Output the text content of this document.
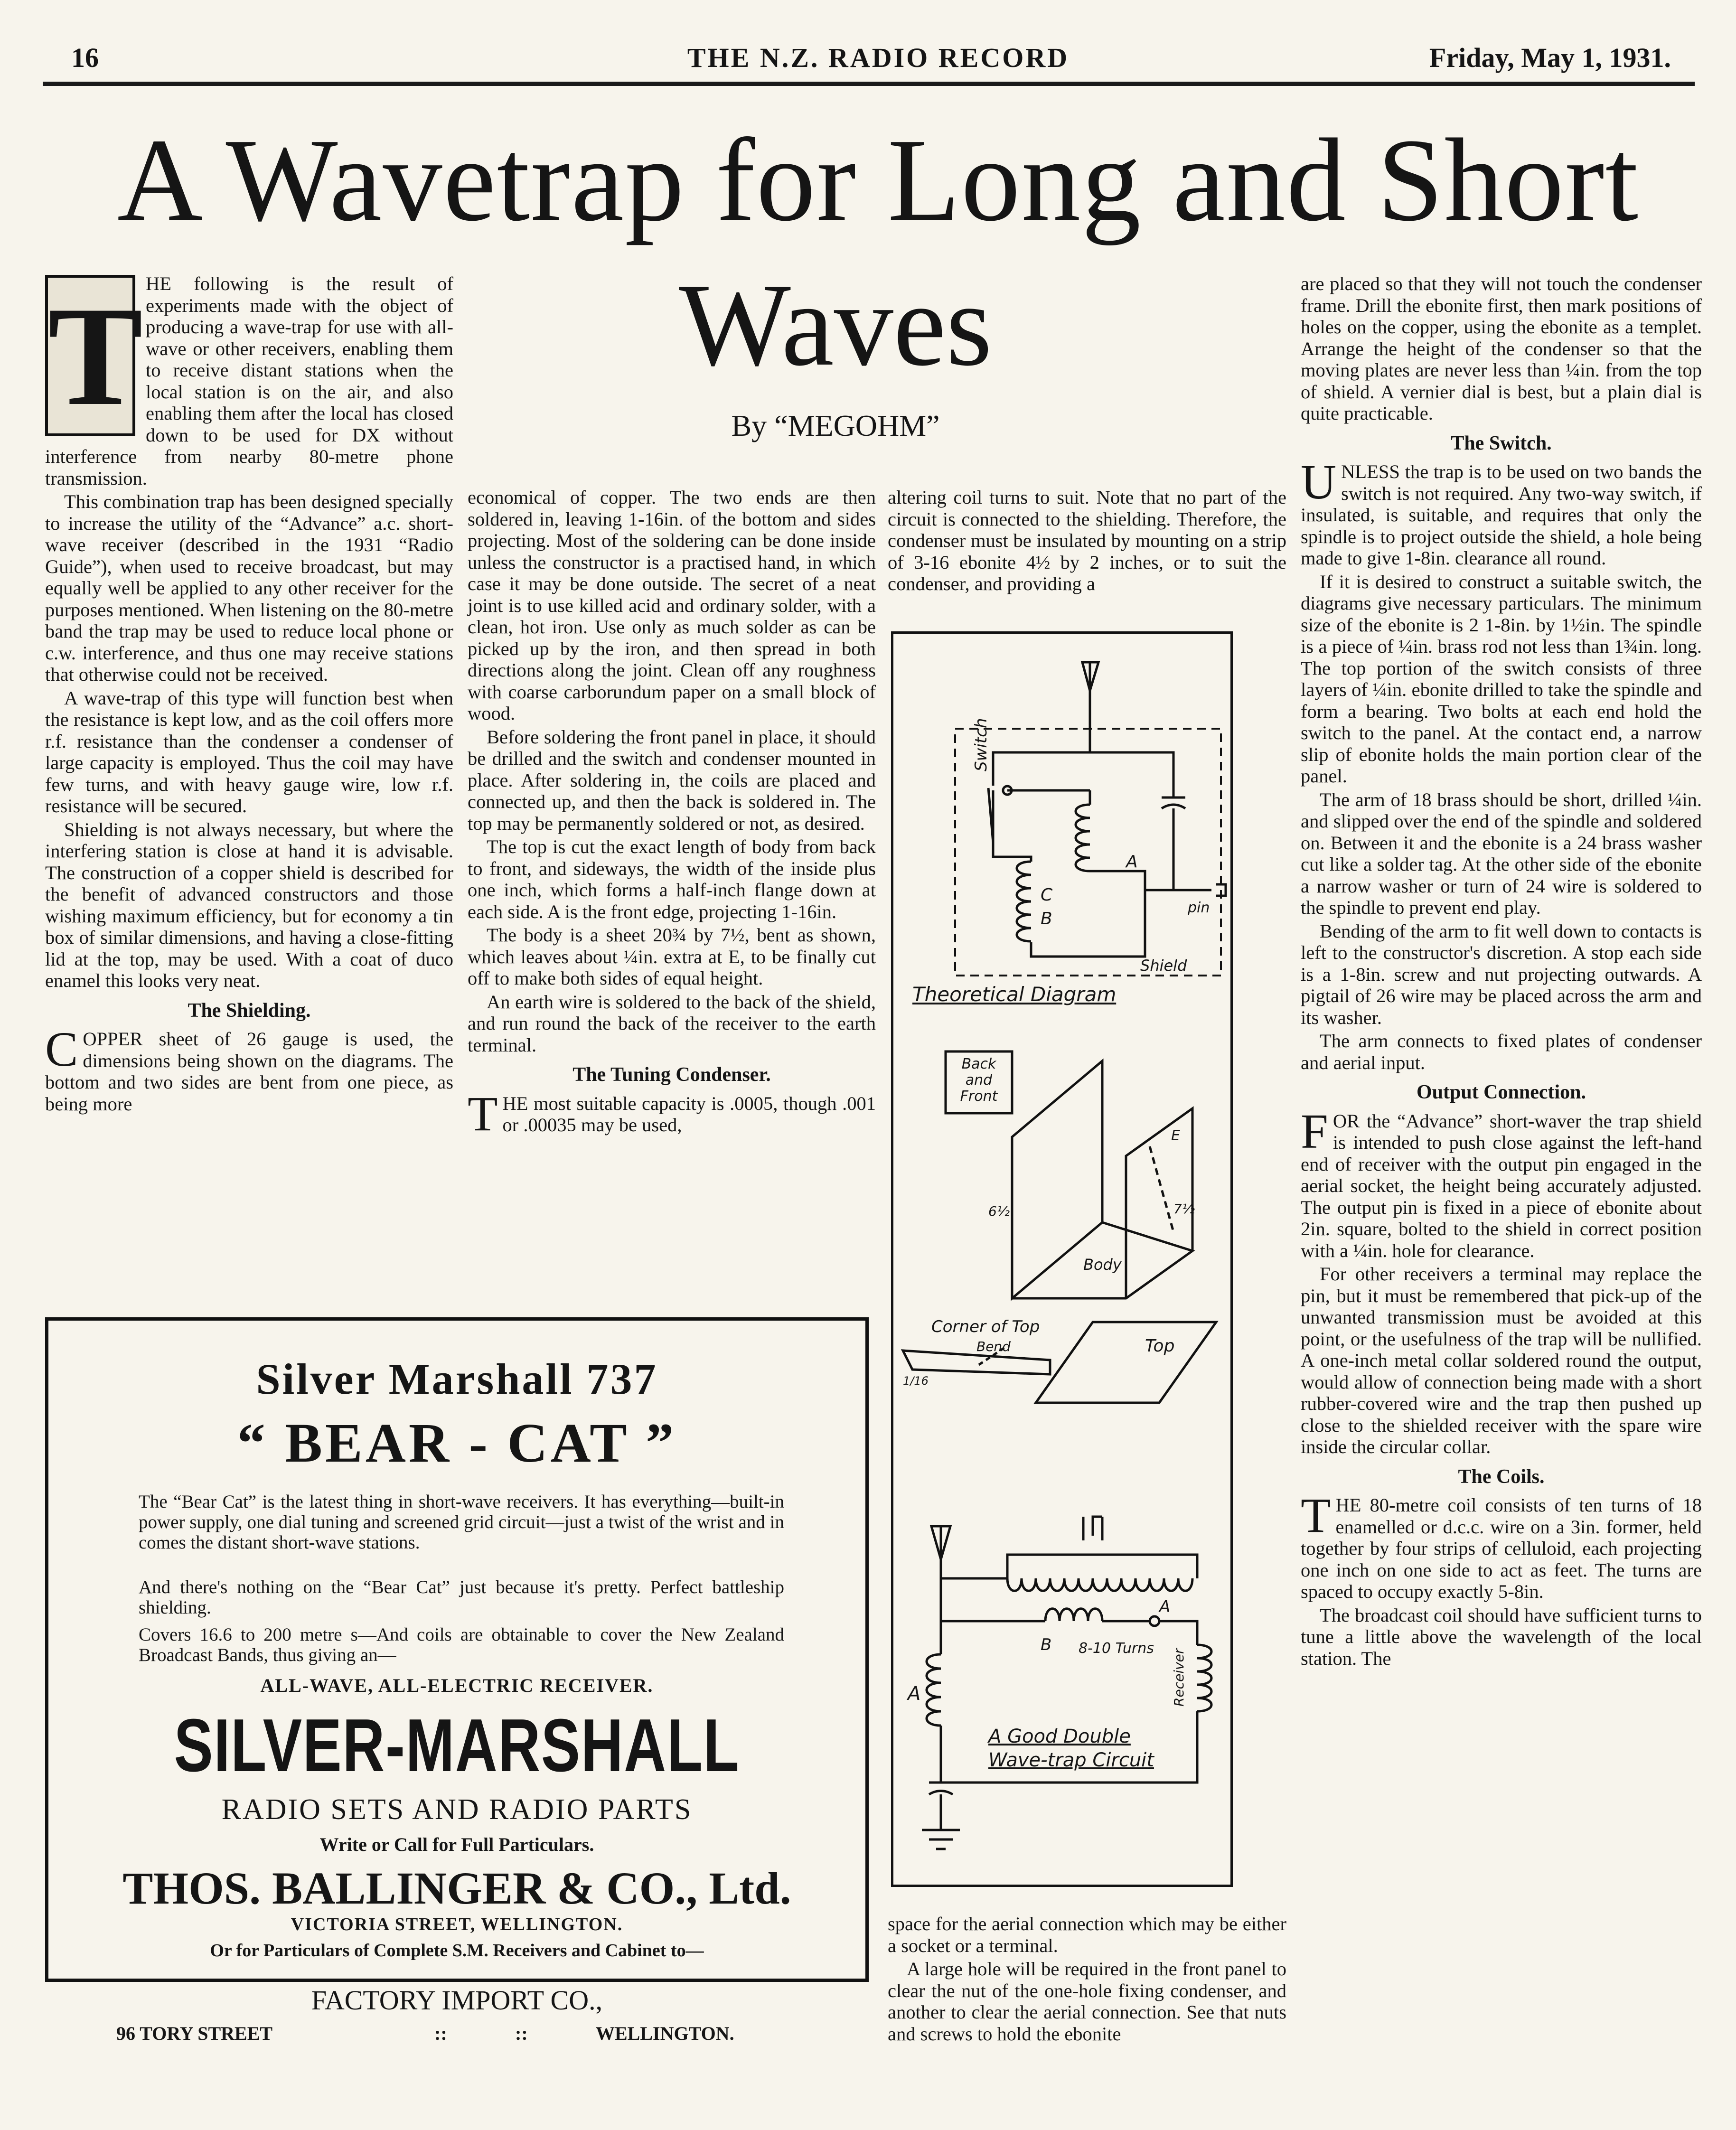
16	THE N.Z. RADIO RECORD	Friday, May 1, 1931.
A Wavetrap for Long and Short
Waves
By “MEGOHM”
T HE following is the result of experiments made with the object of producing a wave-trap for use with all-wave or other receivers, enabling them to receive distant stations when the local station is on the air, and also enabling them after the local has closed down to be used for DX without interference from nearby 80-metre phone transmission.

This combination trap has been designed specially to increase the utility of the “Advance” a.c. short-wave receiver (described in the 1931 “Radio Guide”), when used to receive broadcast, but may equally well be applied to any other receiver for the purposes mentioned. When listening on the 80-metre band the trap may be used to reduce local phone or c.w. interference, and thus one may receive stations that otherwise could not be received.

A wave-trap of this type will function best when the resistance is kept low, and as the coil offers more r.f. resistance than the condenser a condenser of large capacity is employed. Thus the coil may have few turns, and with heavy gauge wire, low r.f. resistance will be secured.

Shielding is not always necessary, but where the interfering station is close at hand it is advisable. The construction of a copper shield is described for the benefit of advanced constructors and those wishing maximum efficiency, but for economy a tin box of similar dimensions, and having a close-fitting lid at the top, may be used. With a coat of duco enamel this looks very neat.

The Shielding.

COPPER sheet of 26 gauge is used, the dimensions being shown on the diagrams. The bottom and two sides are bent from one piece, as being more

economical of copper. The two ends are then soldered in, leaving 1-16in. of the bottom and sides projecting. Most of the soldering can be done inside unless the constructor is a practised hand, in which case it may be done outside. The secret of a neat joint is to use killed acid and ordinary solder, with a clean, hot iron. Use only as much solder as can be picked up by the iron, and then spread in both directions along the joint. Clean off any roughness with coarse carborundum paper on a small block of wood.

Before soldering the front panel in place, it should be drilled and the switch and condenser mounted in place. After soldering in, the coils are placed and connected up, and then the back is soldered in. The top may be permanently soldered or not, as desired.

The top is cut the exact length of body from back to front, and sideways, the width of the inside plus one inch, which forms a half-inch flange down at each side. A is the front edge, projecting 1-16in.

The body is a sheet 20¾ by 7½, bent as shown, which leaves about ¼in. extra at E, to be finally cut off to make both sides of equal height.

An earth wire is soldered to the back of the shield, and run round the back of the receiver to the earth terminal.

The Tuning Condenser.

THE most suitable capacity is .0005, though .001 or .00035 may be used,

altering coil turns to suit. Note that no part of the circuit is connected to the shielding. Therefore, the condenser must be insulated by mounting on a strip of 3-16 ebonite 4½ by 2 inches, or to suit the condenser, and providing a

Switch
A
C
B
pin
Shield
Theoretical Diagram
Back and Front
E
6½	7½
Body
Corner of Top
Bend	Top
1/16
B 8-10 Turns
A
A
Receiver
A Good Double
Wave-trap Circuit

space for the aerial connection which may be either a socket or a terminal.

A large hole will be required in the front panel to clear the nut of the one-hole fixing condenser, and another to clear the aerial connection. See that nuts and screws to hold the ebonite

are placed so that they will not touch the condenser frame. Drill the ebonite first, then mark positions of holes on the copper, using the ebonite as a templet. Arrange the height of the condenser so that the moving plates are never less than ¼in. from the top of shield. A vernier dial is best, but a plain dial is quite practicable.

The Switch.

UNLESS the trap is to be used on two bands the switch is not required. Any two-way switch, if insulated, is suitable, and requires that only the spindle is to project outside the shield, a hole being made to give 1-8in. clearance all round.

If it is desired to construct a suitable switch, the diagrams give necessary particulars. The minimum size of the ebonite is 2 1-8in. by 1½in. The spindle is a piece of ¼in. brass rod not less than 1¾in. long. The top portion of the switch consists of three layers of ¼in. ebonite drilled to take the spindle and form a bearing. Two bolts at each end hold the switch to the panel. At the contact end, a narrow slip of ebonite holds the main portion clear of the panel.

The arm of 18 brass should be short, drilled ¼in. and slipped over the end of the spindle and soldered on. Between it and the ebonite is a 24 brass washer cut like a solder tag. At the other side of the ebonite a narrow washer or turn of 24 wire is soldered to the spindle to prevent end play.

Bending of the arm to fit well down to contacts is left to the constructor's discretion. A stop each side is a 1-8in. screw and nut projecting outwards. A pigtail of 26 wire may be placed across the arm and its washer.

The arm connects to fixed plates of condenser and aerial input.

Output Connection.

FOR the “Advance” short-waver the trap shield is intended to push close against the left-hand end of receiver with the output pin engaged in the aerial socket, the height being accurately adjusted. The output pin is fixed in a piece of ebonite about 2in. square, bolted to the shield in correct position with a ¼in. hole for clearance.

For other receivers a terminal may replace the pin, but it must be remembered that pick-up of the unwanted transmission must be avoided at this point, or the usefulness of the trap will be nullified. A one-inch metal collar soldered round the output, would allow of connection being made with a short rubber-covered wire and the trap then pushed up close to the shielded receiver with the spare wire inside the circular collar.

The Coils.

THE 80-metre coil consists of ten turns of 18 enamelled or d.c.c. wire on a 3in. former, held together by four strips of celluloid, each projecting one inch on one side to act as feet. The turns are spaced to occupy exactly 5-8in.

The broadcast coil should have sufficient turns to tune a little above the wavelength of the local station. The

Silver Marshall 737
“ BEAR - CAT ”
The “Bear Cat” is the latest thing in short-wave receivers. It has everything—built-in power supply, one dial tuning and screened grid circuit—just a twist of the wrist and in comes the distant short-wave stations.
And there's nothing on the “Bear Cat” just because it's pretty. Perfect battleship shielding.
Covers 16.6 to 200 metre s—And coils are obtainable to cover the New Zealand Broadcast Bands, thus giving an—
ALL-WAVE, ALL-ELECTRIC RECEIVER.
SILVER-MARSHALL
RADIO SETS AND RADIO PARTS
Write or Call for Full Particulars.
THOS. BALLINGER & CO., Ltd.
VICTORIA STREET, WELLINGTON.
Or for Particulars of Complete S.M. Receivers and Cabinet to—
FACTORY IMPORT CO.,
96 TORY STREET	::	::	WELLINGTON.
